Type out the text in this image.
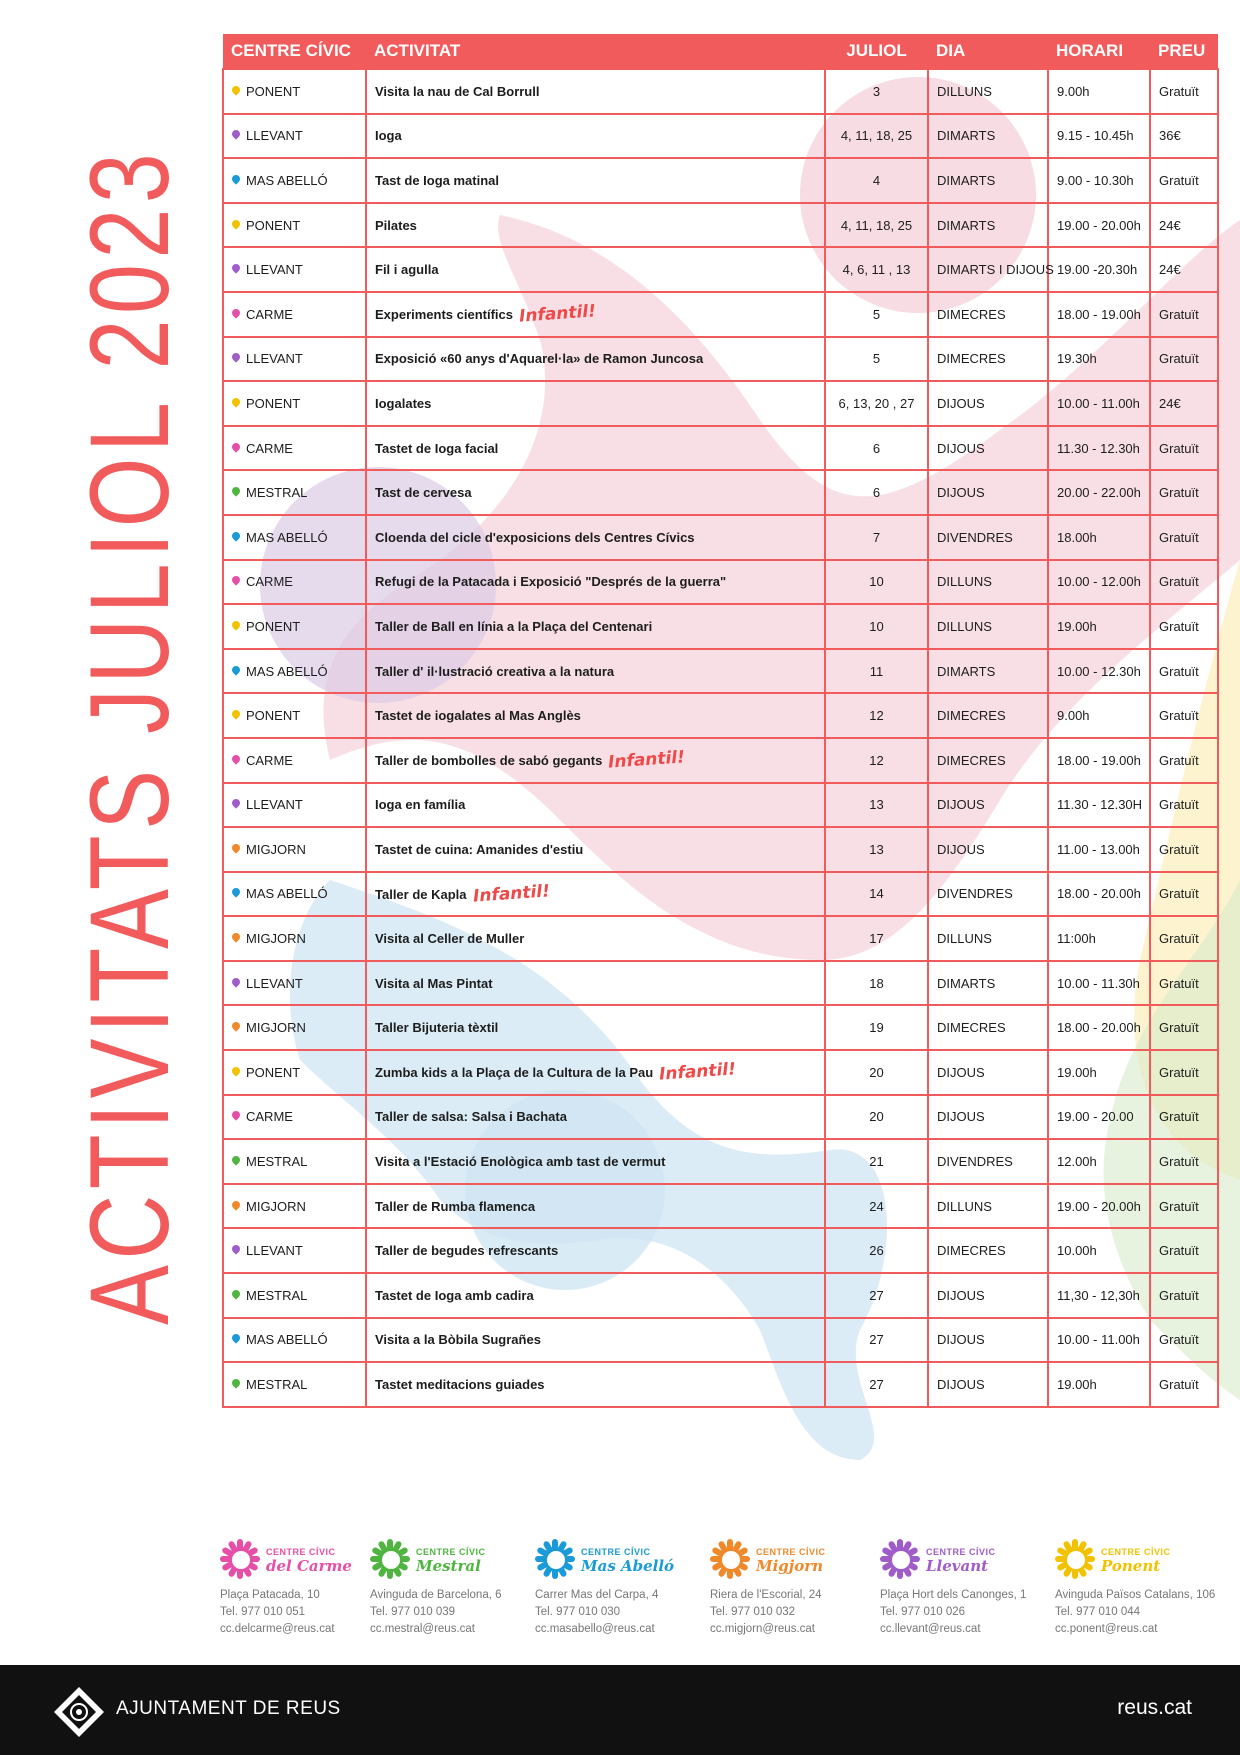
ACTIVITATS JULIOL 2023
CENTRE CÍVIC	ACTIVITAT	JULIOL	DIA	HORARI	PREU
PONENT	Visita la nau de Cal Borrull	3	DILLUNS	9.00h	Gratuït
LLEVANT	Ioga	4, 11, 18, 25	DIMARTS	9.15 - 10.45h	36€
MAS ABELLÓ	Tast de Ioga matinal	4	DIMARTS	9.00 - 10.30h	Gratuït
PONENT	Pilates	4, 11, 18, 25	DIMARTS	19.00 - 20.00h	24€
LLEVANT	Fil i agulla	4, 6, 11 , 13	DIMARTS I DIJOUS	19.00 -20.30h	24€
CARME	Experiments científics Infantil!	5	DIMECRES	18.00 - 19.00h	Gratuït
LLEVANT	Exposició «60 anys d'Aquarel·la» de Ramon Juncosa	5	DIMECRES	19.30h	Gratuït
PONENT	Iogalates	6, 13, 20 , 27	DIJOUS	10.00 - 11.00h	24€
CARME	Tastet de Ioga facial	6	DIJOUS	11.30 - 12.30h	Gratuït
MESTRAL	Tast de cervesa	6	DIJOUS	20.00 - 22.00h	Gratuït
MAS ABELLÓ	Cloenda del cicle d'exposicions dels Centres Cívics	7	DIVENDRES	18.00h	Gratuït
CARME	Refugi de la Patacada i Exposició "Després de la guerra"	10	DILLUNS	10.00 - 12.00h	Gratuït
PONENT	Taller de Ball en línia a la Plaça del Centenari	10	DILLUNS	19.00h	Gratuït
MAS ABELLÓ	Taller d' il·lustració creativa a la natura	11	DIMARTS	10.00 - 12.30h	Gratuït
PONENT	Tastet de iogalates al Mas Anglès	12	DIMECRES	9.00h	Gratuït
CARME	Taller de bombolles de sabó gegants Infantil!	12	DIMECRES	18.00 - 19.00h	Gratuït
LLEVANT	Ioga en família	13	DIJOUS	11.30 - 12.30H	Gratuït
MIGJORN	Tastet de cuina: Amanides d'estiu	13	DIJOUS	11.00 - 13.00h	Gratuït
MAS ABELLÓ	Taller de Kapla Infantil!	14	DIVENDRES	18.00 - 20.00h	Gratuït
MIGJORN	Visita al Celler de Muller	17	DILLUNS	11:00h	Gratuït
LLEVANT	Visita al Mas Pintat	18	DIMARTS	10.00 - 11.30h	Gratuït
MIGJORN	Taller Bijuteria tèxtil	19	DIMECRES	18.00 - 20.00h	Gratuït
PONENT	Zumba kids a la Plaça de la Cultura de la Pau Infantil!	20	DIJOUS	19.00h	Gratuït
CARME	Taller de salsa: Salsa i Bachata	20	DIJOUS	19.00 - 20.00	Gratuït
MESTRAL	Visita a l'Estació Enològica amb tast de vermut	21	DIVENDRES	12.00h	Gratuït
MIGJORN	Taller de Rumba flamenca	24	DILLUNS	19.00 - 20.00h	Gratuït
LLEVANT	Taller de begudes refrescants	26	DIMECRES	10.00h	Gratuït
MESTRAL	Tastet de Ioga amb cadira	27	DIJOUS	11,30 - 12,30h	Gratuït
MAS ABELLÓ	Visita a la Bòbila Sugrañes	27	DIJOUS	10.00 - 11.00h	Gratuït
MESTRAL	Tastet meditacions guiades	27	DIJOUS	19.00h	Gratuït
CENTRE CÍVIC
del Carme
Plaça Patacada, 10
Tel. 977 010 051
cc.delcarme@reus.cat
CENTRE CÍVIC
Mestral
Avinguda de Barcelona, 6
Tel. 977 010 039
cc.mestral@reus.cat
CENTRE CÍVIC
Mas Abelló
Carrer Mas del Carpa, 4
Tel. 977 010 030
cc.masabello@reus.cat
CENTRE CÍVIC
Migjorn
Riera de l'Escorial, 24
Tel. 977 010 032
cc.migjorn@reus.cat
CENTRE CÍVIC
Llevant
Plaça Hort dels Canonges, 1
Tel. 977 010 026
cc.llevant@reus.cat
CENTRE CÍVIC
Ponent
Avinguda Països Catalans, 106
Tel. 977 010 044
cc.ponent@reus.cat
AJUNTAMENT DE REUS	reus.cat
